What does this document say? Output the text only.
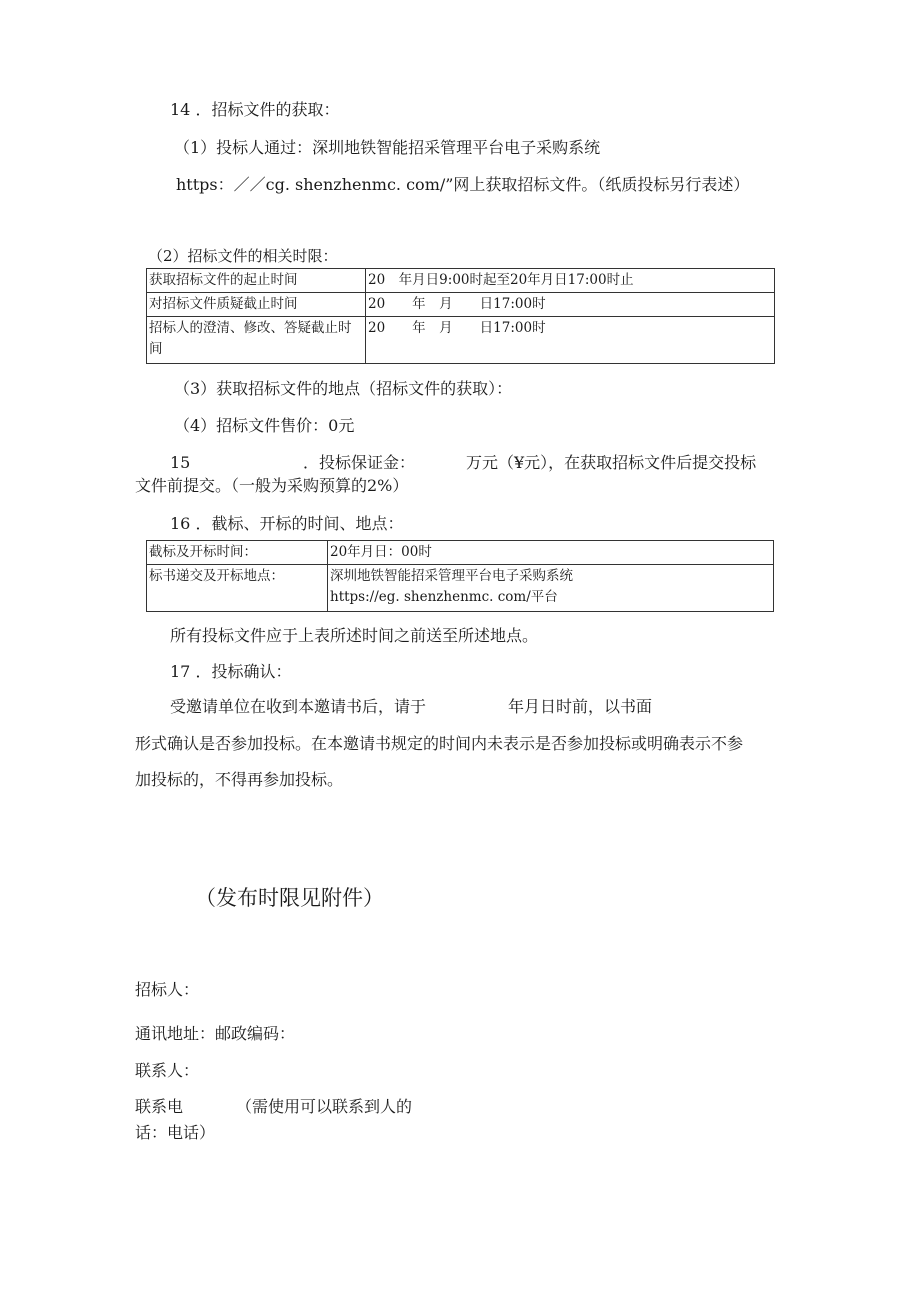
14 ．招标文件的获取：
（1）投标人通过：深圳地铁智能招采管理平台电子采购系统
https：／／cg. shenzhenmc. com/”网上获取招标文件。（纸质投标另行表述）
（2）招标文件的相关时限：
获取招标文件的起止时间	20　年月日9:00时起至20年月日17:00时止
对招标文件质疑截止时间	20　　年　月　　日17:00时
招标人的澄清、修改、答疑截止时间	20　　年　月　　日17:00时
（3）获取招标文件的地点（招标文件的获取）：
（4）招标文件售价：0元
15	．投标保证金：	万元（¥元），在获取招标文件后提交投标
文件前提交。（一般为采购预算的2%）
16 ．截标、开标的时间、地点：
截标及开标时间：	20年月日：00时
标书递交及开标地点：	深圳地铁智能招采管理平台电子采购系统
https://eg. shenzhenmc. com/平台
所有投标文件应于上表所述时间之前送至所述地点。
17 ．投标确认：
受邀请单位在收到本邀请书后，请于	年月日时前，以书面
形式确认是否参加投标。在本邀请书规定的时间内未表示是否参加投标或明确表示不参
加投标的，不得再参加投标。
（发布时限见附件）
招标人：
通讯地址：邮政编码：
联系人：
联系电	（需使用可以联系到人的
话：电话）
